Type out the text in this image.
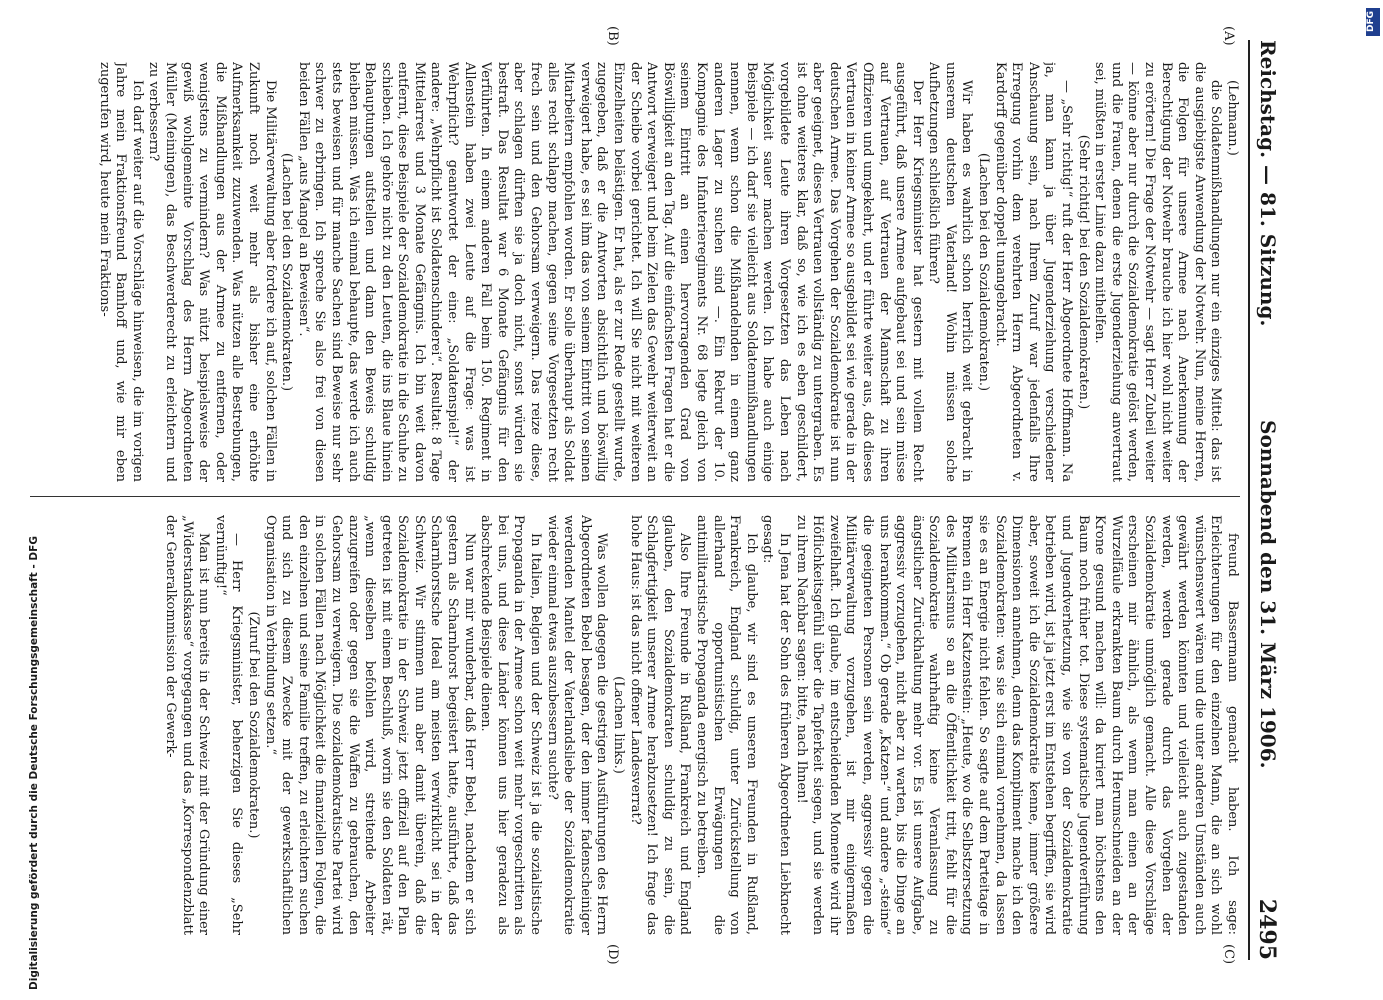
Reichstag. — 81. Sitzung.
Sonnabend den 31. März 1906.
2495
(A)
(B)
(C)
(D)

(Lehmann.)

die Soldatenmißhandlungen nur ein einziges Mittel: das ist die ausgiebigste Anwendung der Notwehr. Nun, meine Herren, die Folgen für unsere Armee nach Anerkennung der Berechtigung der Notwehr brauche ich hier wohl nicht weiter zu erörtern! Die Frage der Notwehr — sagt Herr Zubeil weiter — könne aber nur durch die Sozialdemokratie gelöst werden, und die Frauen, denen die erste Jugenderziehung anvertraut sei, müßten in erster Linie dazu mithelfen.

(Sehr richtig! bei den Sozialdemokraten.)

— „Sehr richtig!“ ruft der Herr Abgeordnete Hoffmann. Na ja, man kann ja über Jugenderziehung verschiedener Anschauung sein, nach Ihrem Zuruf war jedenfalls Ihre Erregung vorhin dem verehrten Herrn Abgeordneten v. Kardorff gegenüber doppelt unangebracht.

(Lachen bei den Sozialdemokraten.)

Wir haben es wahrlich schon herrlich weit gebracht in unserem deutschen Vaterland! Wohin müssen solche Aufhetzungen schließlich führen?

Der Herr Kriegsminister hat gestern mit vollem Recht ausgeführt, daß unsere Armee aufgebaut sei und sein müsse auf Vertrauen, auf Vertrauen der Mannschaft zu ihren Offizieren und umgekehrt, und er führte weiter aus, daß dieses Vertrauen in keiner Armee so ausgebildet sei wie gerade in der deutschen Armee. Das Vorgehen der Sozialdemokratie ist nun aber geeignet, dieses Vertrauen vollständig zu untergraben. Es ist ohne weiteres klar, daß so, wie ich es eben geschildert, vorgebildete Leute ihren Vorgesetzten das Leben nach Möglichkeit sauer machen werden. Ich habe auch einige Beispiele — ich darf sie vielleicht aus Soldatenmißhandlungen nennen, wenn schon die Mißhandelnden in einem ganz anderen Lager zu suchen sind —. Ein Rekrut der 10. Kompagnie des Infanterieregiments Nr. 68 legte gleich von seinem Eintritt an einen hervorragenden Grad von Böswilligkeit an den Tag. Auf die einfachsten Fragen hat er die Antwort verweigert und beim Zielen das Gewehr weiterweit an der Scheibe vorbei gerichtet. Ich will Sie nicht mit weiteren Einzelheiten belästigen. Er hat, als er zur Rede gestellt wurde, zugegeben, daß er die Antworten absichtlich und böswillig verweigert habe, es sei ihm das von seinem Eintritt von seinen Mitarbeitern empfohlen worden. Er solle überhaupt als Soldat alles recht schlapp machen, gegen seine Vorgesetzten recht frech sein und den Gehorsam verweigern. Das reize diese, aber schlagen dürften sie ja doch nicht, sonst würden sie bestraft. Das Resultat war 6 Monate Gefängnis für den Verführten. In einem anderen Fall beim 150. Regiment in Allenstein haben zwei Leute auf die Frage: was ist Wehrpflicht? geantwortet der eine: „Soldatenspiel!“ der andere: „Wehrpflicht ist Soldatenschinderei“. Resultat: 8 Tage Mittelarrest und 3 Monate Gefängnis. Ich bin weit davon entfernt, diese Beispiele der Sozialdemokratie in die Schuhe zu schieben. Ich gehöre nicht zu den Leuten, die ins Blaue hinein Behauptungen aufstellen und dann den Beweis schuldig bleiben müssen. Was ich einmal behaupte, das werde ich auch stets beweisen und für manche Sachen sind Beweise nur sehr schwer zu erbringen. Ich spreche Sie also frei von diesen beiden Fällen „aus Mangel an Beweisen“.

(Lachen bei den Sozialdemokraten.)

Die Militärverwaltung aber fordere ich auf, solchen Fällen in Zukunft noch weit mehr als bisher eine erhöhte Aufmerksamkeit zuzuwenden. Was nützen alle Bestrebungen, die Mißhandlungen aus der Armee zu entfernen, oder wenigstens zu vermindern? Was nützt beispielsweise der gewiß wohlgemeinte Vorschlag des Herrn Abgeordneten Müller (Meiningen), das Beschwerderecht zu erleichtern und zu verbessern?

Ich darf weiter auf die Vorschläge hinweisen, die im vorigen Jahre mein Fraktionsfreund Bamhoff und, wie mir eben zugerufen wird, heute mein Fraktions-

freund Bassermann gemacht haben. Ich sage: Erleichterungen für den einzelnen Mann, die an sich wohl wünschenswert wären und die unter anderen Umständen auch gewährt werden könnten und vielleicht auch zugestanden werden, werden gerade durch das Vorgehen der Sozialdemokratie unmöglich gemacht. Alle diese Vorschläge erscheinen mir ähnlich, als wenn man einen an der Wurzelfäule erkrankten Baum durch Herumschneiden an der Krone gesund machen will: da kuriert man höchstens den Baum noch früher tot. Diese systematische Jugendverführung und Jugendverhetzung, wie sie von der Sozialdemokratie betrieben wird, ist ja jetzt erst im Entstehen begriffen, sie wird aber, soweit ich die Sozialdemokratie kenne, immer größere Dimensionen annehmen, denn das Kompliment mache ich den Sozialdemokraten: was sie sich einmal vornehmen, da lassen sie es an Energie nicht fehlen. So sagte auf dem Parteitage in Bremen ein Herr Katzenstein: „Heute, wo die Selbstzersetzung des Militarismus so an die Öffentlichkeit tritt, fehlt für die Sozialdemokratie wahrhaftig keine Veranlassung zu ängstlicher Zurückhaltung mehr vor. Es ist unsere Aufgabe, aggressiv vorzugehen, nicht aber zu warten, bis die Dinge an uns herankommen.“ Ob gerade „Katzen-“ und andere „-steine“ die geeigneten Personen sein werden, aggressiv gegen die Militärverwaltung vorzugehen, ist mir einigermaßen zweifelhaft. Ich glaube, im entscheidenden Momente wird ihr Höflichkeitsgefühl über die Tapferkeit siegen, und sie werden zu ihrem Nachbar sagen: bitte, nach Ihnen!

In Jena hat der Sohn des früheren Abgeordneten Liebknecht gesagt:

Ich glaube, wir sind es unseren Freunden in Rußland, Frankreich, England schuldig, unter Zurückstellung von allerhand opportunistischen Erwägungen die antimilitaristische Propaganda energisch zu betreiben.

Also Ihre Freunde in Rußland, Frankreich und England glauben, den Sozialdemokraten schuldig zu sein, die Schlagfertigkeit unserer Armee herabzusetzen! Ich frage das hohe Haus: ist das nicht offener Landesverrat?

(Lachen links.)

Was wollen dagegen die gestrigen Ausführungen des Herrn Abgeordneten Bebel besagen, der den immer fadenscheiniger werdenden Mantel der Vaterlandsliebe der Sozialdemokratie wieder einmal etwas auszubessern suchte?

In Italien, Belgien und der Schweiz ist ja die sozialistische Propaganda in der Armee schon weit mehr vorgeschritten als bei uns, und diese Länder können uns hier geradezu als abschreckende Beispiele dienen.

Nun war mir wunderbar, daß Herr Bebel, nachdem er sich gestern als Scharnhorst begeistert hatte, ausführte, daß das Scharnhorstsche Ideal am meisten verwirklicht sei in der Schweiz. Wir stimmen nun aber damit überein, daß die Sozialdemokratie in der Schweiz jetzt offiziell auf den Plan getreten ist mit einem Beschluß, worin sie den Soldaten rät, „wenn dieselben befohlen wird, streitende Arbeiter anzugreifen oder gegen sie die Waffen zu gebrauchen, den Gehorsam zu verweigern. Die sozialdemokratische Partei wird in solchen Fällen nach Möglichkeit die finanziellen Folgen, die den einzelnen und seine Familie treffen, zu erleichtern suchen und sich zu diesem Zwecke mit der gewerkschaftlichen Organisation in Verbindung setzen.“

(Zuruf bei den Sozialdemokraten.)

— Herr Kriegsminister, beherzigen Sie dieses „Sehr vernünftig!“

Man ist nun bereits in der Schweiz mit der Gründung einer „Widerstandskasse“ vorgegangen und das „Korrespondenzblatt der Generalkommission der Gewerk-

Digitalisierung gefördert durch die Deutsche Forschungsgemeinschaft - DFG
DFG
